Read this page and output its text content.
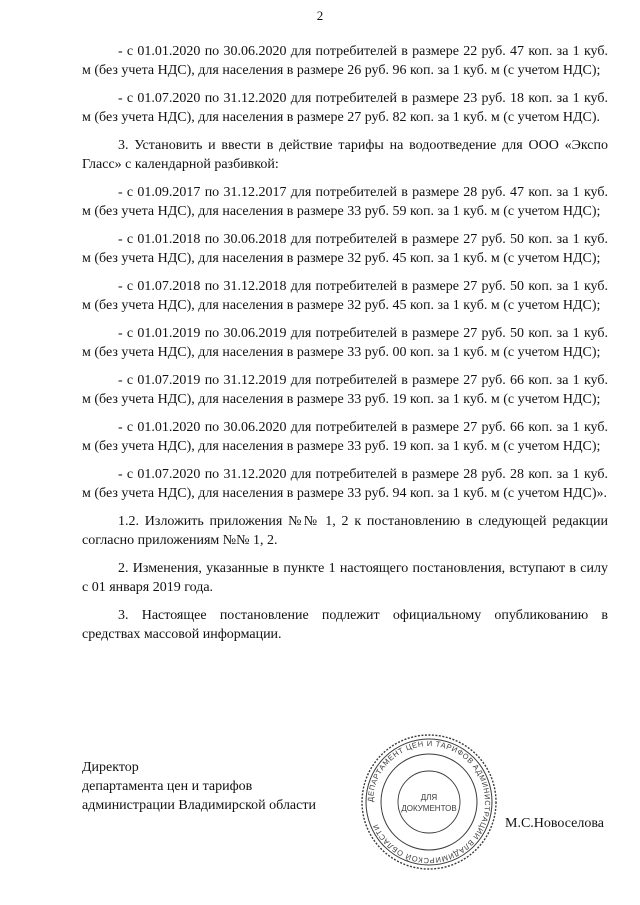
2

- с 01.01.2020 по 30.06.2020 для потребителей в размере 22 руб. 47 коп. за 1 куб. м (без учета НДС), для населения в размере 26 руб. 96 коп. за 1 куб. м (с учетом НДС);

- с 01.07.2020 по 31.12.2020 для потребителей в размере 23 руб. 18 коп. за 1 куб. м (без учета НДС), для населения в размере 27 руб. 82 коп. за 1 куб. м (с учетом НДС).

3. Установить и ввести в действие тарифы на водоотведение для ООО «Экспо Гласс» с календарной разбивкой:

- с 01.09.2017 по 31.12.2017 для потребителей в размере 28 руб. 47 коп. за 1 куб. м (без учета НДС), для населения в размере 33 руб. 59 коп. за 1 куб. м (с учетом НДС);

- с 01.01.2018 по 30.06.2018 для потребителей в размере 27 руб. 50 коп. за 1 куб. м (без учета НДС), для населения в размере 32 руб. 45 коп. за 1 куб. м (с учетом НДС);

- с 01.07.2018 по 31.12.2018 для потребителей в размере 27 руб. 50 коп. за 1 куб. м (без учета НДС), для населения в размере 32 руб. 45 коп. за 1 куб. м (с учетом НДС);

- с 01.01.2019 по 30.06.2019 для потребителей в размере 27 руб. 50 коп. за 1 куб. м (без учета НДС), для населения в размере 33 руб. 00 коп. за 1 куб. м (с учетом НДС);

- с 01.07.2019 по 31.12.2019 для потребителей в размере 27 руб. 66 коп. за 1 куб. м (без учета НДС), для населения в размере 33 руб. 19 коп. за 1 куб. м (с учетом НДС);

- с 01.01.2020 по 30.06.2020 для потребителей в размере 27 руб. 66 коп. за 1 куб. м (без учета НДС), для населения в размере 33 руб. 19 коп. за 1 куб. м (с учетом НДС);

- с 01.07.2020 по 31.12.2020 для потребителей в размере 28 руб. 28 коп. за 1 куб. м (без учета НДС), для населения в размере 33 руб. 94 коп. за 1 куб. м (с учетом НДС)».

1.2. Изложить приложения №№ 1, 2 к постановлению в следующей редакции согласно приложениям №№ 1, 2.

2. Изменения, указанные в пункте 1 настоящего постановления, вступают в силу с 01 января 2019 года.

3. Настоящее постановление подлежит официальному опубликованию в средствах массовой информации.

Директор
департамента цен и тарифов
администрации Владимирской области
М.С.Новоселова
ДЕПАРТАМЕНТ ЦЕН И ТАРИФОВ АДМИНИСТРАЦИИ ВЛАДИМИРСКОЙ ОБЛАСТИ
ДЛЯ
ДОКУМЕНТОВ
